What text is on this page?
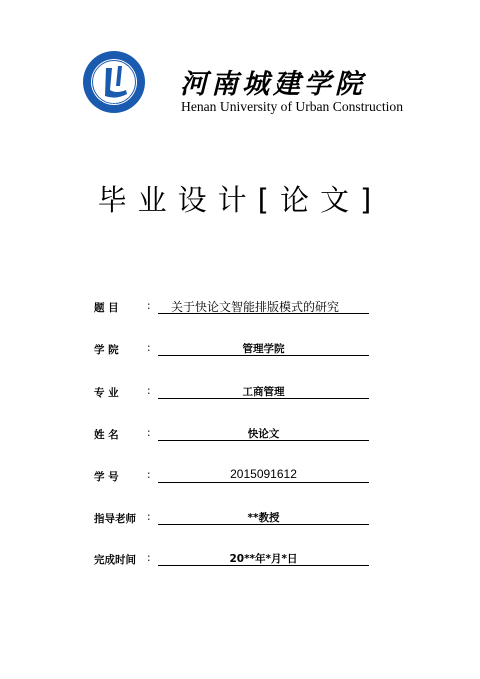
河南城建学院
Henan University of Urban Construction
毕业设计[论文]
题 目	:	关于快论文智能排版模式的研究
学 院	:	管理学院
专 业	:	工商管理
姓 名	:	快论文
学 号	:	2015091612
指导老师 :	**教授
完成时间 :	20**年*月*日
